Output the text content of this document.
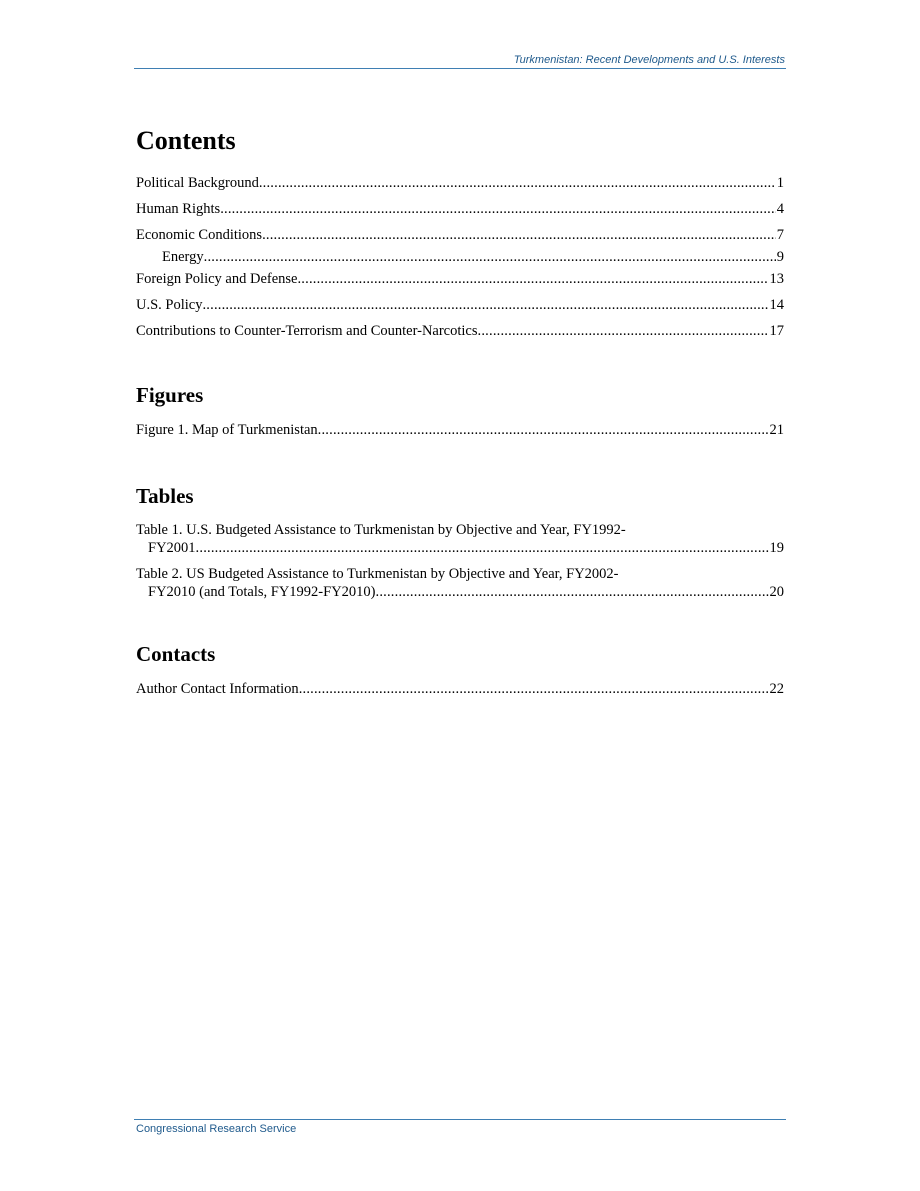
Turkmenistan: Recent Developments and U.S. Interests
Contents
Political Background .....	1
Human Rights .....	4
Economic Conditions .....	7
Energy .....	9
Foreign Policy and Defense .....	13
U.S. Policy .....	14
Contributions to Counter-Terrorism and Counter-Narcotics .....	17
Figures
Figure 1. Map of Turkmenistan .....	21
Tables
Table 1. U.S. Budgeted Assistance to Turkmenistan by Objective and Year, FY1992-
FY2001 .....	19
Table 2. US Budgeted Assistance to Turkmenistan by Objective and Year, FY2002-
FY2010 (and Totals, FY1992-FY2010) .....	20
Contacts
Author Contact Information .....	22
Congressional Research Service
